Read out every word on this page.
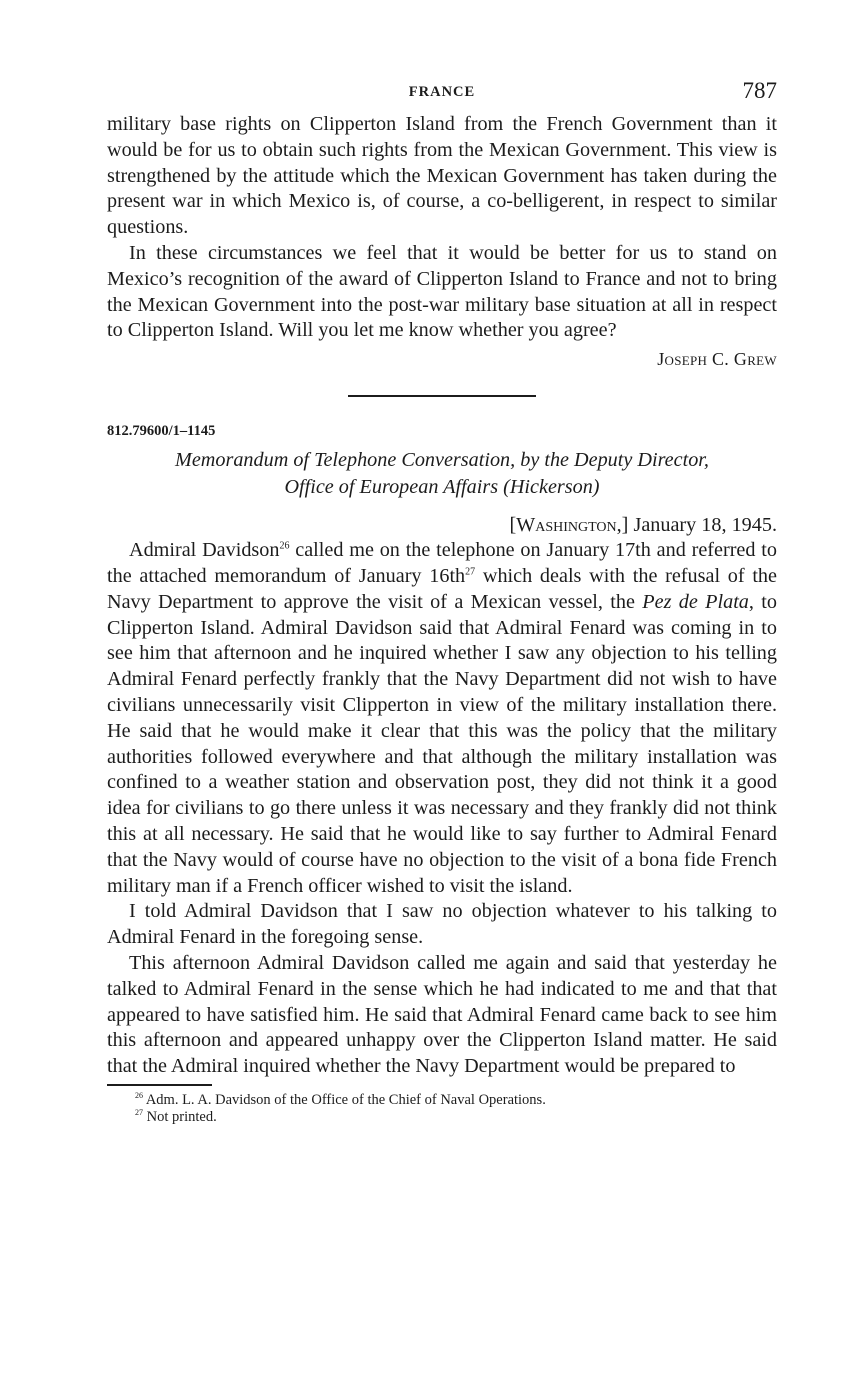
FRANCE	787

military base rights on Clipperton Island from the French Government than it would be for us to obtain such rights from the Mexican Government. This view is strengthened by the attitude which the Mexican Government has taken during the present war in which Mexico is, of course, a co-belligerent, in respect to similar questions.

In these circumstances we feel that it would be better for us to stand on Mexico’s recognition of the award of Clipperton Island to France and not to bring the Mexican Government into the post-war military base situation at all in respect to Clipperton Island. Will you let me know whether you agree?

Joseph C. Grew
812.79600/1–1145

Memorandum of Telephone Conversation, by the Deputy Director,

Office of European Affairs (Hickerson)

[Washington,] January 18, 1945.

Admiral Davidson$^{26}$ called me on the telephone on January 17th and referred to the attached memorandum of January 16th$^{27}$ which deals with the refusal of the Navy Department to approve the visit of a Mexican vessel, the Pez de Plata, to Clipperton Island. Admiral Davidson said that Admiral Fenard was coming in to see him that afternoon and he inquired whether I saw any objection to his telling Admiral Fenard perfectly frankly that the Navy Department did not wish to have civilians unnecessarily visit Clipperton in view of the military installation there. He said that he would make it clear that this was the policy that the military authorities followed everywhere and that although the military installation was confined to a weather station and observation post, they did not think it a good idea for civilians to go there unless it was necessary and they frankly did not think this at all necessary. He said that he would like to say further to Admiral Fenard that the Navy would of course have no objection to the visit of a bona fide French military man if a French officer wished to visit the island.

I told Admiral Davidson that I saw no objection whatever to his talking to Admiral Fenard in the foregoing sense.

This afternoon Admiral Davidson called me again and said that yesterday he talked to Admiral Fenard in the sense which he had indicated to me and that that appeared to have satisfied him. He said that Admiral Fenard came back to see him this afternoon and appeared unhappy over the Clipperton Island matter. He said that the Admiral inquired whether the Navy Department would be prepared to

$^{26}$ Adm. L. A. Davidson of the Office of the Chief of Naval Operations.

$^{27}$ Not printed.
